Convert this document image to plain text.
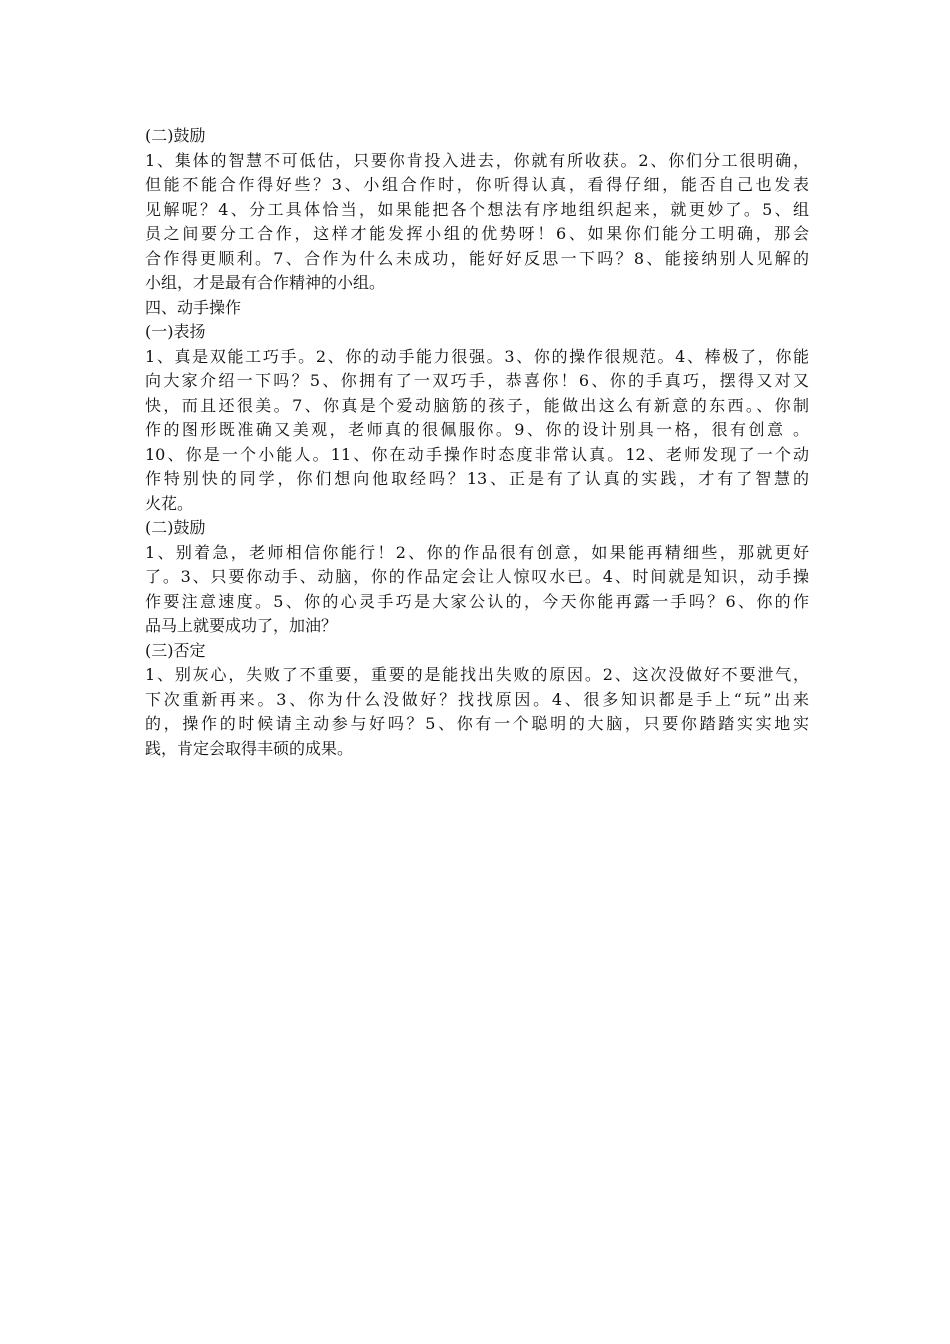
(二)鼓励
1、集体的智慧不可低估，只要你肯投入进去，你就有所收获。2、你们分工很明确，
但能不能合作得好些？3、小组合作时，你听得认真，看得仔细，能否自己也发表
见解呢？4、分工具体恰当，如果能把各个想法有序地组织起来，就更妙了。5、组
员之间要分工合作，这样才能发挥小组的优势呀！6、如果你们能分工明确，那会
合作得更顺利。7、合作为什么未成功，能好好反思一下吗？8、能接纳别人见解的
小组，才是最有合作精神的小组。
四、动手操作
(一)表扬
1、真是双能工巧手。2、你的动手能力很强。3、你的操作很规范。4、棒极了，你能
向大家介绍一下吗？5、你拥有了一双巧手，恭喜你！6、你的手真巧，摆得又对又
快，而且还很美。7、你真是个爱动脑筋的孩子，能做出这么有新意的东西。、你制
作的图形既准确又美观，老师真的很佩服你。9、你的设计别具一格，很有创意 。
10、你是一个小能人。11、你在动手操作时态度非常认真。12、老师发现了一个动
作特别快的同学，你们想向他取经吗？13、正是有了认真的实践，才有了智慧的
火花。
(二)鼓励
1、别着急，老师相信你能行！2、你的作品很有创意，如果能再精细些，那就更好
了。3、只要你动手、动脑，你的作品定会让人惊叹水已。4、时间就是知识，动手操
作要注意速度。5、你的心灵手巧是大家公认的，今天你能再露一手吗？6、你的作
品马上就要成功了，加油？
(三)否定
1、别灰心，失败了不重要，重要的是能找出失败的原因。2、这次没做好不要泄气，
下次重新再来。3、你为什么没做好？找找原因。4、很多知识都是手上“玩”出来
的，操作的时候请主动参与好吗？5、你有一个聪明的大脑，只要你踏踏实实地实
践，肯定会取得丰硕的成果。
